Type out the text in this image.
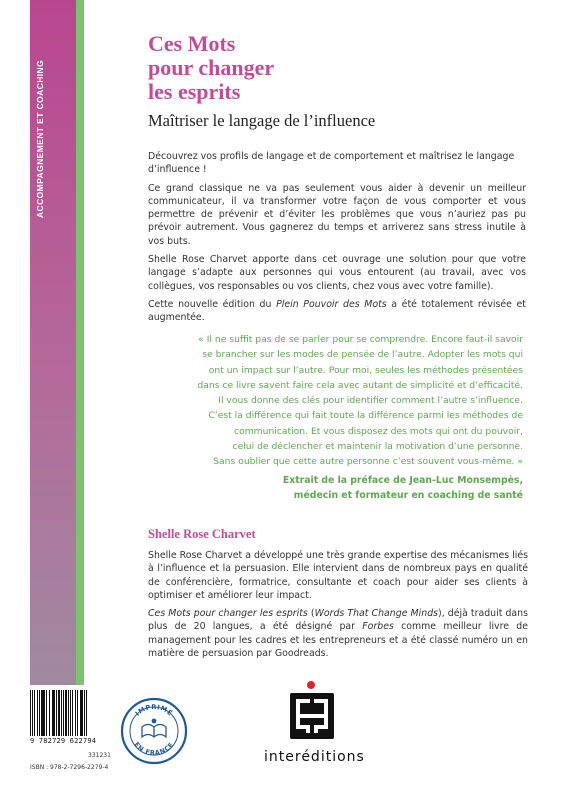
ACCOMPAGNEMENT ET COACHING
Ces Mots
pour changer
les esprits
Maîtriser le langage de l’influence

Découvrez vos profils de langage et de comportement et maîtrisez le langage d’influence !

Ce grand classique ne va pas seulement vous aider à devenir un meilleur communicateur, il va transformer votre façon de vous comporter et vous permettre de prévenir et d’éviter les problèmes que vous n’auriez pas pu prévoir autrement. Vous gagnerez du temps et arriverez sans stress inutile à vos buts.

Shelle Rose Charvet apporte dans cet ouvrage une solution pour que votre langage s’adapte aux personnes qui vous entourent (au travail, avec vos collègues, vos responsables ou vos clients, chez vous avec votre famille).

Cette nouvelle édition du Plein Pouvoir des Mots a été totalement révisée et augmentée.

« Il ne suffit pas de se parler pour se comprendre. Encore faut-il savoir
se brancher sur les modes de pensée de l’autre. Adopter les mots qui
ont un impact sur l’autre. Pour moi, seules les méthodes présentées
dans ce livre savent faire cela avec autant de simplicité et d’efficacité.
Il vous donne des clés pour identifier comment l’autre s’influence.
C’est la différence qui fait toute la différence parmi les méthodes de
communication. Et vous disposez des mots qui ont du pouvoir,
celui de déclencher et maintenir la motivation d’une personne.
Sans oublier que cette autre personne c’est souvent vous-même. »
Extrait de la préface de Jean-Luc Monsempès,
médecin et formateur en coaching de santé
Shelle Rose Charvet

Shelle Rose Charvet a développé une très grande expertise des mécanismes liés à l’influence et la persuasion. Elle intervient dans de nombreux pays en qualité de conférencière, formatrice, consultante et coach pour aider ses clients à optimiser et améliorer leur impact.

Ces Mots pour changer les esprits (Words That Change Minds), déjà traduit dans plus de 20 langues, a été désigné par Forbes comme meilleur livre de management pour les cadres et les entrepreneurs et a été classé numéro un en matière de persuasion par Goodreads.

9 782729 622794
331231
ISBN : 978-2-7296-2279-4
IMPRIMÉ
EN FRANCE
interéditions
